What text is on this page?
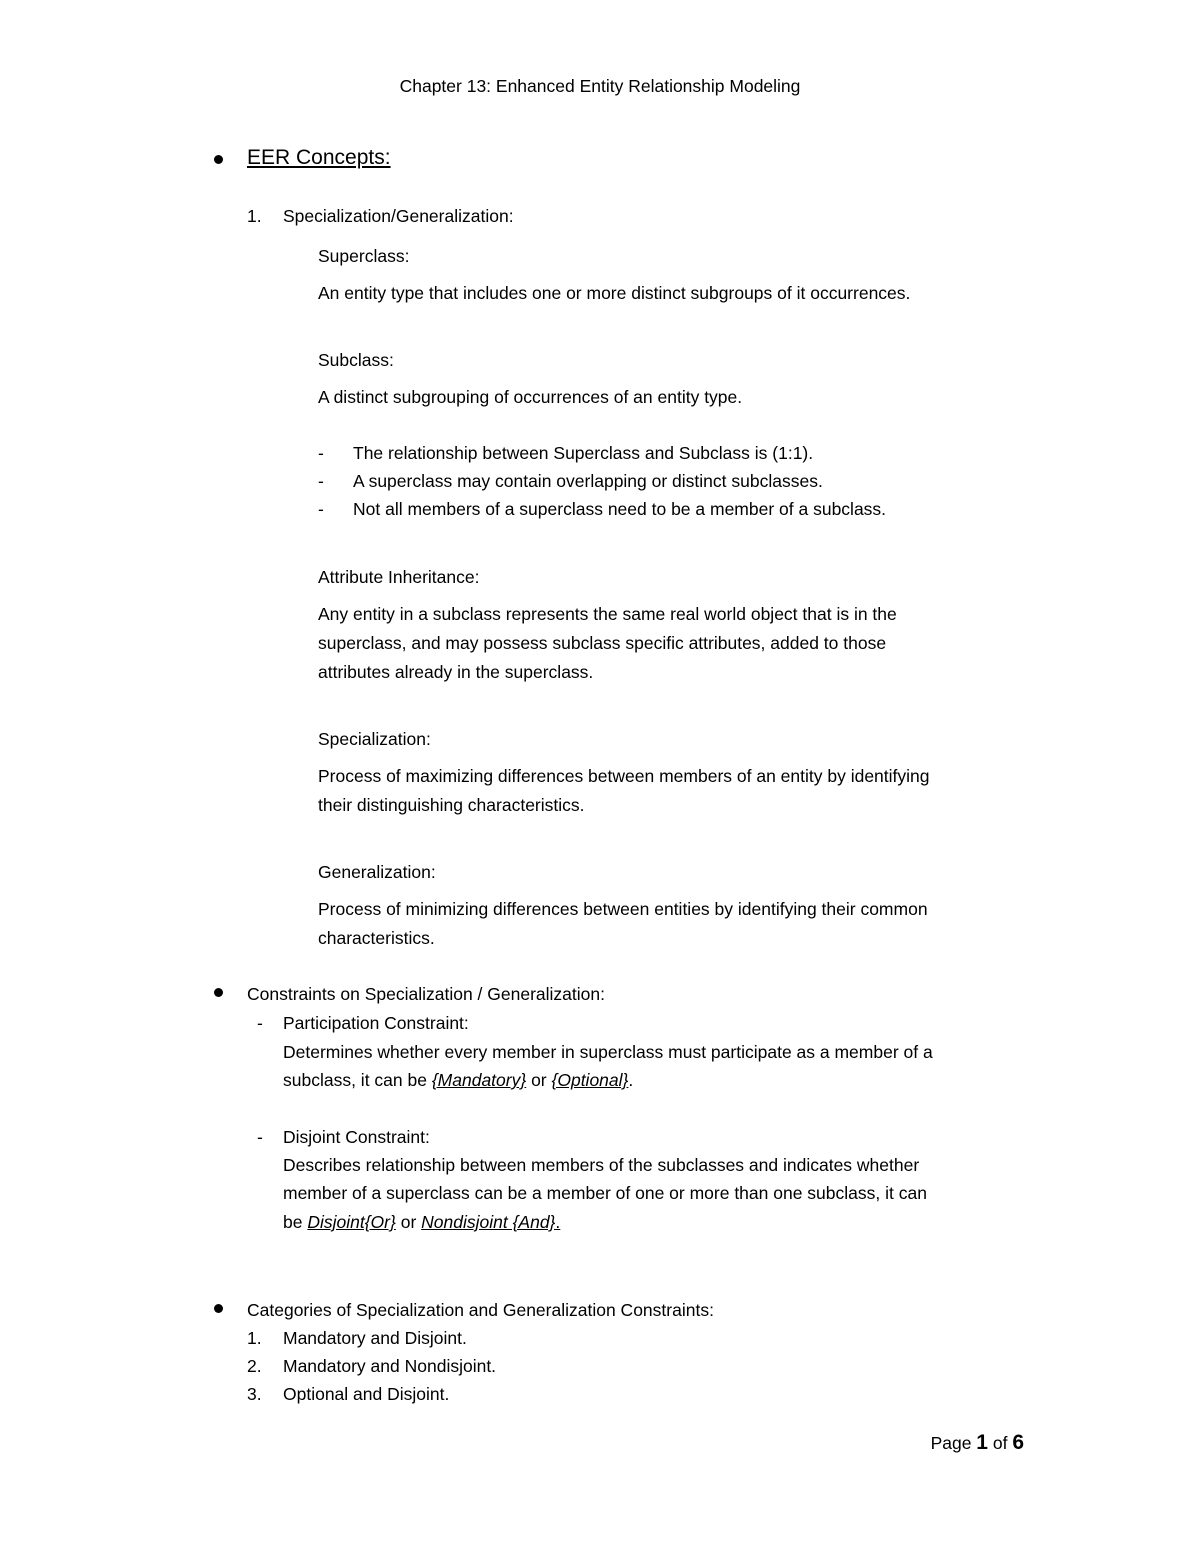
Chapter 13: Enhanced Entity Relationship Modeling
EER Concepts:
1. Specialization/Generalization:
Superclass:
An entity type that includes one or more distinct subgroups of it occurrences.
Subclass:
A distinct subgrouping of occurrences of an entity type.
- The relationship between Superclass and Subclass is (1:1).
- A superclass may contain overlapping or distinct subclasses.
- Not all members of a superclass need to be a member of a subclass.
Attribute Inheritance:
Any entity in a subclass represents the same real world object that is in the
superclass, and may possess subclass specific attributes, added to those
attributes already in the superclass.
Specialization:
Process of maximizing differences between members of an entity by identifying
their distinguishing characteristics.
Generalization:
Process of minimizing differences between entities by identifying their common
characteristics.
Constraints on Specialization / Generalization:
- Participation Constraint:
Determines whether every member in superclass must participate as a member of a
subclass, it can be {Mandatory} or {Optional}.
- Disjoint Constraint:
Describes relationship between members of the subclasses and indicates whether
member of a superclass can be a member of one or more than one subclass, it can
be Disjoint{Or} or Nondisjoint {And}.
Categories of Specialization and Generalization Constraints:
1. Mandatory and Disjoint.
2. Mandatory and Nondisjoint.
3. Optional and Disjoint.
Page 1 of 6
